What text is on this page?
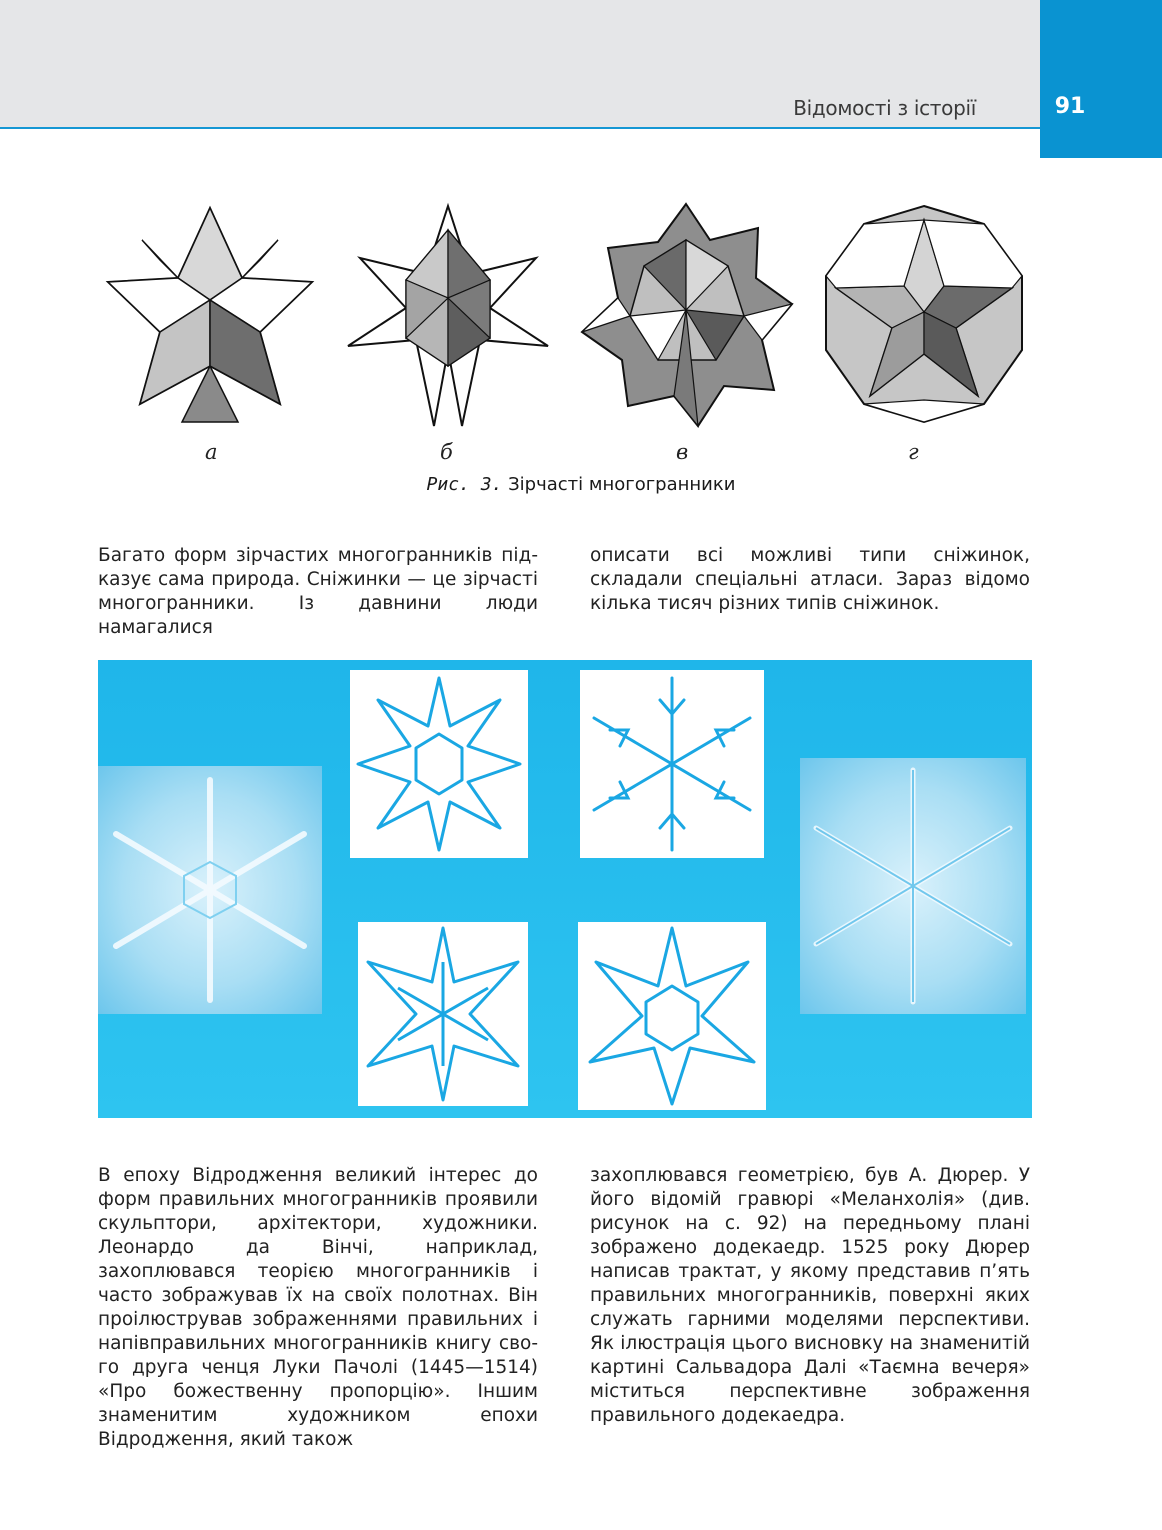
Відомості з історії	91
а	б	в	г
Рис. 3. Зірчасті многогранники
Багато форм зірчастих многогранників підказує сама природа. Сніжинки — це зірчасті многогранники. Із давнини люди намагалися
описати всі можливі типи сніжинок, складали спеціальні атласи. Зараз відомо кілька тисяч різних типів сніжинок.
В епоху Відродження великий інтерес до форм правильних многогранників проявили скульптори, архітектори, художники. Леонардо да Вінчі, наприклад, захоплювався теорією многогранників і часто зображував їх на своїх полотнах. Він проілюстрував зображеннями правильних і напівправильних многогранників книгу свого друга ченця Луки Пачолі (1445—1514) «Про божественну пропорцію». Іншим знаменитим художником епохи Відродження, який також
захоплювався геометрією, був А. Дюрер. У його відомій гравюрі «Меланхолія» (див. рисунок на с. 92) на передньому плані зображено додекаедр. 1525 року Дюрер написав трактат, у якому представив п’ять правильних многогранників, поверхні яких служать гарними моделями перспективи. Як ілюстрація цього висновку на знаменитій картині Сальвадора Далі «Таємна вечеря» міститься перспективне зображення правильного додекаедра.
